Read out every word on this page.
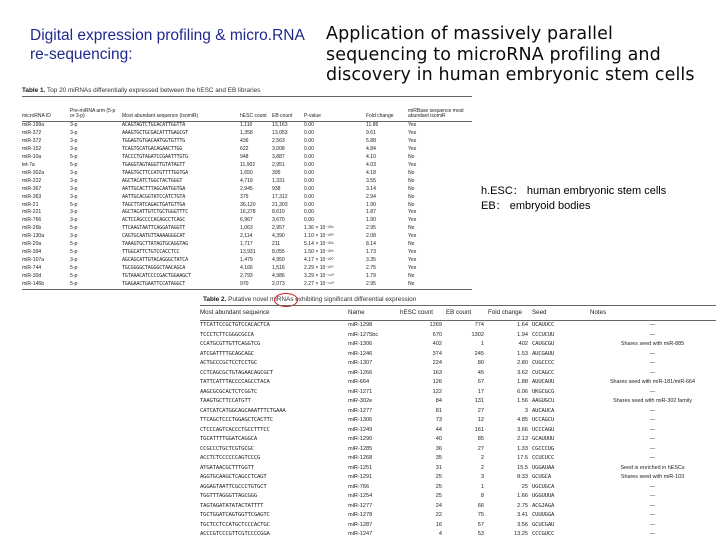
Digital expression profiling & micro.RNA re-sequencing:
Application of massively parallel sequencing to microRNA profiling and discovery in human embryonic stem cells
h.ESC： human embryonic stem cells
EB： embryoid bodies
Table 1. Top 20 miRNAs differentially expressed between the hESC and EB libraries
microRNA ID	Pre-miRNA arm (5-p or 3-p)	Most abundant sequence (isomiR)	hESC count	EB count	P-value	Fold change	miRBase sequence most abundant isomiR
miR-199a	3-p	ACAGTAGTCTGCACATTGGTTA	1,110	13,163	0.00	11.86	Yes
miR-372	3-p	AAAGTGCTGCGACATTTGAGCGT	1,358	13,053	0.00	9.61	Yes
miR-372	3-p	TGGAGTGTGACAATGGTGTTTG	436	2,563	0.00	5.88	Yes
miR-152	3-p	TCAGTGCATGACAGAACTTGG	622	3,008	0.00	4.84	Yes
miR-10a	5-p	TACCCTGTAGATCCGAATTTGTG	948	3,887	0.00	4.10	No
let-7a	5-p	TGAGGTAGTAGGTTGTATAGTT	11,902	2,951	0.00	4.03	Yes
miR-302a	3-p	TAAGTGCTTCCATGTTTTGGTGA	1,650	395	0.00	4.18	No
miR-222	3-p	AGCTACATCTGGCTACTGGGT	4,719	1,331	0.00	3.55	No
miR-367	3-p	AATTGCACTTTAGCAATGGTGA	2,945	938	0.00	3.14	No
miR-363	3-p	AATTGCACGGTATCCATCTGTA	375	17,312	0.00	2.94	No
miR-21	5-p	TAGCTTATCAGACTGATGTTGA	36,120	21,303	0.00	1.90	No
miR-221	3-p	AGCTACATTGTCTGCTGGGTTTC	16,278	8,610	0.00	1.87	Yes
miR-766	3-p	ACTCCAGCCCCACAGCCTCAGC	6,967	3,670	0.00	1.90	Yes
miR-26b	5-p	TTCAAGTAATTCAGGATAGGTT	1,063	2,957	1.36 × 10⁻²³⁵	2.95	No
miR-130a	3-p	CAGTGCAATGTTAAAAGGGCAT	2,114	4,390	1.10 × 10⁻²³⁰	2.08	Yes
miR-20a	5-p	TAAAGTGCTTATAGTGCAGGTAG	1,717	211	5.14 × 10⁻²²⁸	8.14	No
miR-394	5-p	TTGGCATTCTGTCCACCTCC	13,931	8,055	1.50 × 10⁻²²⁵	1.73	Yes
miR-107a	3-p	AGCAGCATTGTACAGGGCTATCA	1,479	4,950	4.17 × 10⁻²²⁰	3.35	Yes
miR-744	5-p	TGCGGGGCTAGGGCTAACAGCA	4,166	1,516	2.29 × 10⁻²¹⁰	2.75	Yes
miR-30d	5-p	TGTAAACATCCCCGACTGGAAGCT	2,793	4,986	3.29 × 10⁻¹⁹⁰	1.79	No
miR-146b	5-p	TGAGAACTGAATTCCATAGGCT	970	2,073	2.27 × 10⁻¹⁹⁰	2.95	No
Table 2. Putative novel miRNAs exhibiting significant differential expression
Most abundant sequence	Name	hESC count	EB count	Fold change	Seed	Notes
TTCATTCCGCTGTCCACACTCA	miR-1298	1269	774	1.64	UCAUUCC	—
TCCCTCTTCGGGCGCCA	miR-1275bc	670	1302	1.94	CCCUCUU	—
CCATGCGTTGTTCAGGTCG	miR-1306	402	1	402	CAUGCGU	Shares seed with miR-885
ATCGATTTTGCAGCAGC	miR-1246	374	245	1.53	AUCGAUU	—
ACTGCCCGCTCCTCCTGC	miR-1307	224	80	2.80	CUGCCCC	—
CCTCAGCGCTGTAGAACAGCGCT	miR-1266	163	45	3.62	CUCAGCC	—
TATTCATTTACCCCAGCCTACA	miR-664	126	67	1.88	AUUCAUU	Shares seed with miR-181/miR-664
AAGCGCGCACTCTCGGTC	miR-1271	122	17	6.06	UKGCGCG	—
TAAGTGCTTCCATGTT	miR-302e	84	131	1.56	AAGUGCU	Shares seed with miR-302 family
CATCATCATGGCAGCAAATTTCTGAAA	miR-1277	81	27	3	AUCAUCA	—
TTCAGCTCCCTGGAGCTCACTTC	miR-1306	73	12	4.85	UCCAGCU	—
CTCCCAGTCACCCTGCCTTTCC	miR-1249	44	161	3.66	UCCCAGU	—
TGCATTTTGGATCAGGCA	miR-1290	40	85	2.13	GCAUUUU	—
CCGCCCTGCTCGTGCGC	miR-1285	36	27	1.33	CGCCCUG	—
ACCTCTCCCCCCAGTCCCG	miR-1268	35	2	17.5	CCUCUCC	—
ATGATAACGCTTTGGTT	miR-1251	31	2	15.5	UGGAUAA	Seed is enriched in hESCs
AGGTGCAAGCTCAGCCTCAGT	miR-1291	25	3	8.33	GCUGCA	Shares seed with miR-103
AGGAGTAATTCGCCCTGTGCT	miR-766	25	1	25	UGCUGCA	—
TGGTTTAGGGTTAGCGGG	miR-1254	25	8	1.66	UGGUUUA	—
TAGTAGATATATACTATTTT	miR-1277	24	66	2.75	ACGJAGA	—
TGCTGGATCAGTGGTTCGAGTC	miR-1278	22	75	3.41	CUUUGGA	—
TGCTCCTCCATGCTCCCACTGC	miR-1287	16	57	3.56	GCUCGAU	—
ACCCGTCCCGTTCGTCCCCGGA	miR-1247	4	53	13.25	CCCGUCC	—
